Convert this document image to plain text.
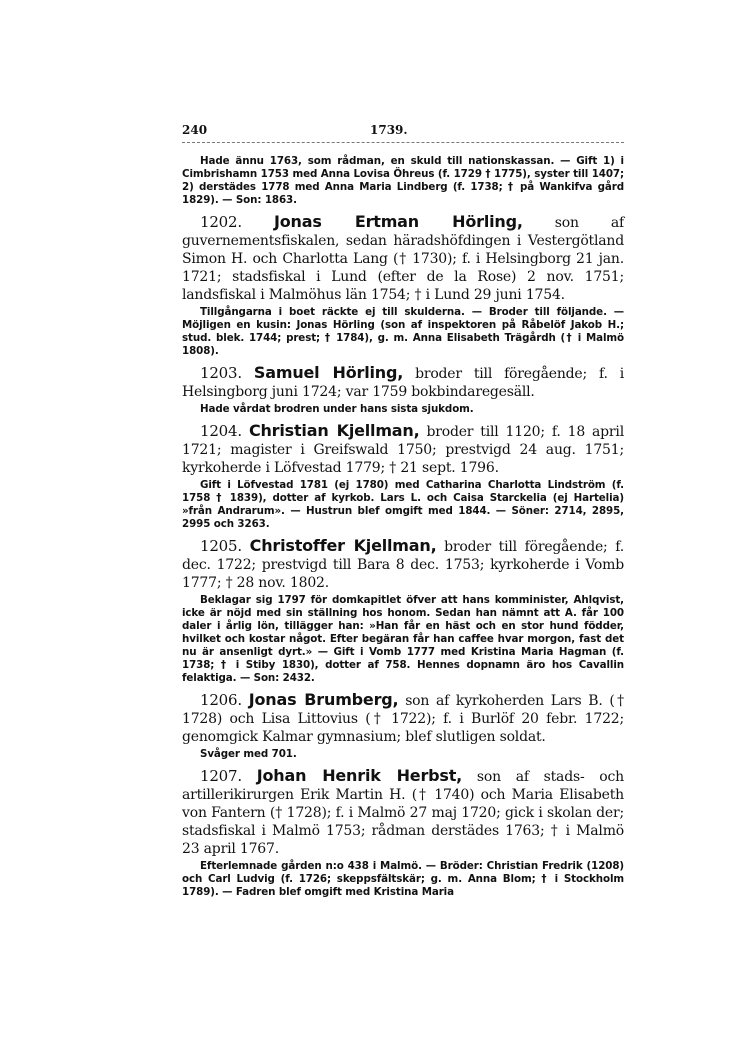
240	1739.

Hade ännu 1763, som rådman, en skuld till nationskassan. — Gift 1) i Cimbrishamn 1753 med Anna Lovisa Öhreus (f. 1729 † 1775), syster till 1407; 2) derstädes 1778 med Anna Maria Lindberg (f. 1738; † på Wankifva gård 1829). — Son: 1863.

1202. Jonas Ertman Hörling, son af guvernementsfiskalen, sedan häradshöfdingen i Vestergötland Simon H. och Charlotta Lang († 1730); f. i Helsingborg 21 jan. 1721; stadsfiskal i Lund (efter de la Rose) 2 nov. 1751; landsfiskal i Malmöhus län 1754; † i Lund 29 juni 1754.

Tillgångarna i boet räckte ej till skulderna. — Broder till följande. — Möjligen en kusin: Jonas Hörling (son af inspektoren på Råbelöf Jakob H.; stud. blek. 1744; prest; † 1784), g. m. Anna Elisabeth Trägårdh († i Malmö 1808).

1203. Samuel Hörling, broder till föregående; f. i Helsingborg juni 1724; var 1759 bokbindaregesäll.

Hade vårdat brodren under hans sista sjukdom.

1204. Christian Kjellman, broder till 1120; f. 18 april 1721; magister i Greifswald 1750; prestvigd 24 aug. 1751; kyrkoherde i Löfvestad 1779; † 21 sept. 1796.

Gift i Löfvestad 1781 (ej 1780) med Catharina Charlotta Lindström (f. 1758 † 1839), dotter af kyrkob. Lars L. och Caisa Starckelia (ej Hartelia) »från Andrarum». — Hustrun blef omgift med 1844. — Söner: 2714, 2895, 2995 och 3263.

1205. Christoffer Kjellman, broder till föregående; f. dec. 1722; prestvigd till Bara 8 dec. 1753; kyrkoherde i Vomb 1777; † 28 nov. 1802.

Beklagar sig 1797 för domkapitlet öfver att hans komminister, Ahlqvist, icke är nöjd med sin ställning hos honom. Sedan han nämnt att A. får 100 daler i årlig lön, tillägger han: »Han får en häst och en stor hund födder, hvilket och kostar något. Efter begäran får han caffee hvar morgon, fast det nu är ansenligt dyrt.» — Gift i Vomb 1777 med Kristina Maria Hagman (f. 1738; † i Stiby 1830), dotter af 758. Hennes dopnamn äro hos Cavallin felaktiga. — Son: 2432.

1206. Jonas Brumberg, son af kyrkoherden Lars B. († 1728) och Lisa Littovius († 1722); f. i Burlöf 20 febr. 1722; genomgick Kalmar gymnasium; blef slutligen soldat.

Svåger med 701.

1207. Johan Henrik Herbst, son af stads- och artillerikirurgen Erik Martin H. († 1740) och Maria Elisabeth von Fantern († 1728); f. i Malmö 27 maj 1720; gick i skolan der; stadsfiskal i Malmö 1753; rådman derstädes 1763; † i Malmö 23 april 1767.

Efterlemnade gården n:o 438 i Malmö. — Bröder: Christian Fredrik (1208) och Carl Ludvig (f. 1726; skeppsfältskär; g. m. Anna Blom; † i Stockholm 1789). — Fadren blef omgift med Kristina Maria
